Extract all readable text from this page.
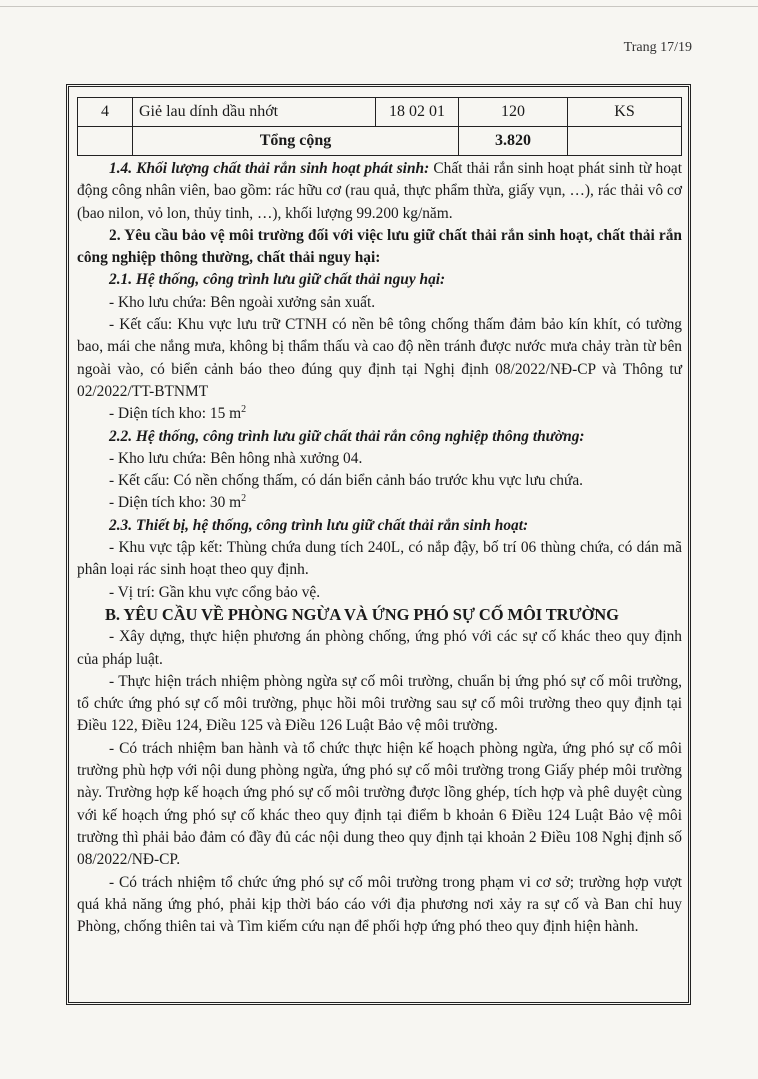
Trang 17/19
4	Giẻ lau dính dầu nhớt	18 02 01	120	KS
	Tổng cộng		3.820	

1.4. Khối lượng chất thải rắn sinh hoạt phát sinh: Chất thải rắn sinh hoạt phát sinh từ hoạt động công nhân viên, bao gồm: rác hữu cơ (rau quả, thực phẩm thừa, giấy vụn, …), rác thải vô cơ (bao nilon, vỏ lon, thủy tinh, …), khối lượng 99.200 kg/năm.

2. Yêu cầu bảo vệ môi trường đối với việc lưu giữ chất thải rắn sinh hoạt, chất thải rắn công nghiệp thông thường, chất thải nguy hại:

2.1. Hệ thống, công trình lưu giữ chất thải nguy hại:

- Kho lưu chứa: Bên ngoài xưởng sản xuất.

- Kết cấu: Khu vực lưu trữ CTNH có nền bê tông chống thấm đảm bảo kín khít, có tường bao, mái che nắng mưa, không bị thẩm thấu và cao độ nền tránh được nước mưa chảy tràn từ bên ngoài vào, có biển cảnh báo theo đúng quy định tại Nghị định 08/2022/NĐ-CP và Thông tư 02/2022/TT-BTNMT

- Diện tích kho: 15 $m^2$

2.2. Hệ thống, công trình lưu giữ chất thải rắn công nghiệp thông thường:

- Kho lưu chứa: Bên hông nhà xưởng 04.

- Kết cấu: Có nền chống thấm, có dán biển cảnh báo trước khu vực lưu chứa.

- Diện tích kho: 30 $m^2$

2.3. Thiết bị, hệ thống, công trình lưu giữ chất thải rắn sinh hoạt:

- Khu vực tập kết: Thùng chứa dung tích 240L, có nắp đậy, bố trí 06 thùng chứa, có dán mã phân loại rác sinh hoạt theo quy định.

- Vị trí: Gần khu vực cổng bảo vệ.

B. YÊU CẦU VỀ PHÒNG NGỪA VÀ ỨNG PHÓ SỰ CỐ MÔI TRƯỜNG

- Xây dựng, thực hiện phương án phòng chống, ứng phó với các sự cố khác theo quy định của pháp luật.

- Thực hiện trách nhiệm phòng ngừa sự cố môi trường, chuẩn bị ứng phó sự cố môi trường, tổ chức ứng phó sự cố môi trường, phục hồi môi trường sau sự cố môi trường theo quy định tại Điều 122, Điều 124, Điều 125 và Điều 126 Luật Bảo vệ môi trường.

- Có trách nhiệm ban hành và tổ chức thực hiện kế hoạch phòng ngừa, ứng phó sự cố môi trường phù hợp với nội dung phòng ngừa, ứng phó sự cố môi trường trong Giấy phép môi trường này. Trường hợp kế hoạch ứng phó sự cố môi trường được lồng ghép, tích hợp và phê duyệt cùng với kế hoạch ứng phó sự cố khác theo quy định tại điểm b khoản 6 Điều 124 Luật Bảo vệ môi trường thì phải bảo đảm có đầy đủ các nội dung theo quy định tại khoản 2 Điều 108 Nghị định số 08/2022/NĐ-CP.

- Có trách nhiệm tổ chức ứng phó sự cố môi trường trong phạm vi cơ sở; trường hợp vượt quá khả năng ứng phó, phải kịp thời báo cáo với địa phương nơi xảy ra sự cố và Ban chỉ huy Phòng, chống thiên tai và Tìm kiếm cứu nạn để phối hợp ứng phó theo quy định hiện hành.
